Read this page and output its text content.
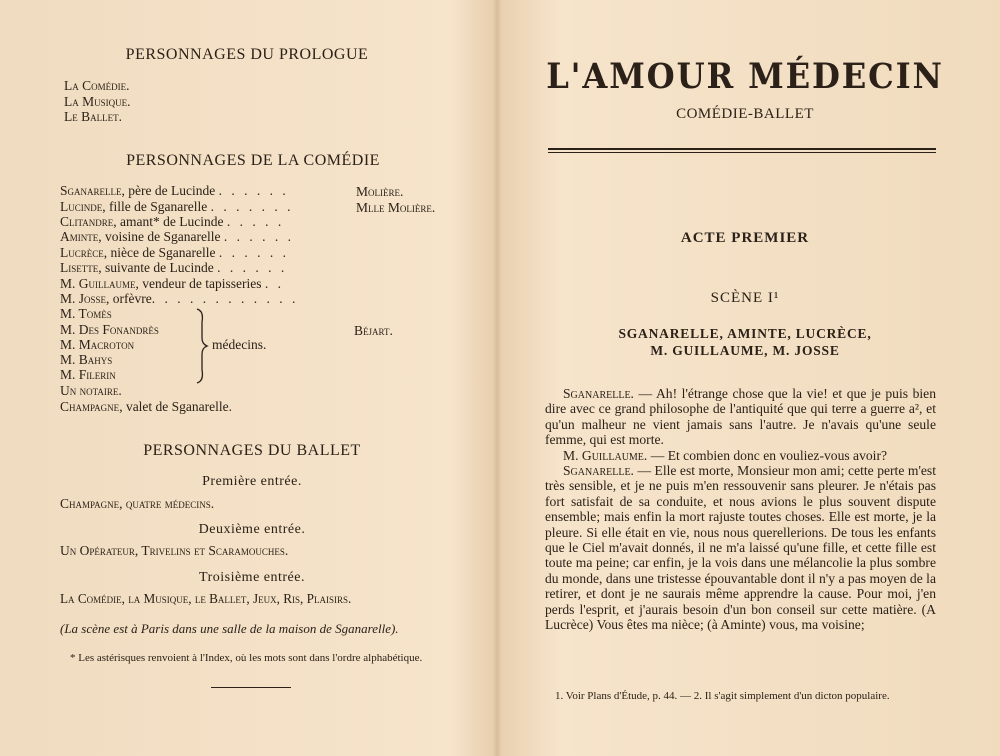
PERSONNAGES DU PROLOGUE
La Comédie.
La Musique.
Le Ballet.
PERSONNAGES DE LA COMÉDIE
Sganarelle, père de Lucinde . . . . . .	Molière.
Lucinde, fille de Sganarelle . . . . . . .	Mlle Molière.
Clitandre, amant* de Lucinde . . . . .
Aminte, voisine de Sganarelle . . . . . .
Lucrèce, nièce de Sganarelle . . . . . .
Lisette, suivante de Lucinde . . . . . .
M. Guillaume, vendeur de tapisseries . .
M. Josse, orfèvre. . . . . . . . . . . .
M. Tomès
M. Des Fonandrès
M. Macroton
M. Bahys
M. Filerin
médecins.
Béjart.
Un notaire.
Champagne, valet de Sganarelle.
PERSONNAGES DU BALLET
Première entrée.
Champagne, quatre médecins.
Deuxième entrée.
Un Opérateur, Trivelins et Scaramouches.
Troisième entrée.
La Comédie, la Musique, le Ballet, Jeux, Ris, Plaisirs.
(La scène est à Paris dans une salle de la maison de Sganarelle).
* Les astérisques renvoient à l'Index, où les mots sont dans l'ordre alphabétique.
L'AMOUR MÉDECIN
COMÉDIE-BALLET
ACTE PREMIER
SCÈNE I¹
SGANARELLE, AMINTE, LUCRÈCE,
M. GUILLAUME, M. JOSSE

Sganarelle. — Ah! l'étrange chose que la vie! et que je puis bien dire avec ce grand philosophe de l'antiquité que qui terre a guerre a², et qu'un malheur ne vient jamais sans l'autre. Je n'avais qu'une seule femme, qui est morte.

M. Guillaume. — Et combien donc en vouliez-vous avoir?

Sganarelle. — Elle est morte, Monsieur mon ami; cette perte m'est très sensible, et je ne puis m'en ressouvenir sans pleurer. Je n'étais pas fort satisfait de sa conduite, et nous avions le plus souvent dispute ensemble; mais enfin la mort rajuste toutes choses. Elle est morte, je la pleure. Si elle était en vie, nous nous querellerions. De tous les enfants que le Ciel m'avait donnés, il ne m'a laissé qu'une fille, et cette fille est toute ma peine; car enfin, je la vois dans une mélancolie la plus sombre du monde, dans une tristesse épouvantable dont il n'y a pas moyen de la retirer, et dont je ne saurais même apprendre la cause. Pour moi, j'en perds l'esprit, et j'aurais besoin d'un bon conseil sur cette matière. (A Lucrèce) Vous êtes ma nièce; (à Aminte) vous, ma voisine;

1. Voir Plans d'Étude, p. 44. — 2. Il s'agit simplement d'un dicton populaire.
